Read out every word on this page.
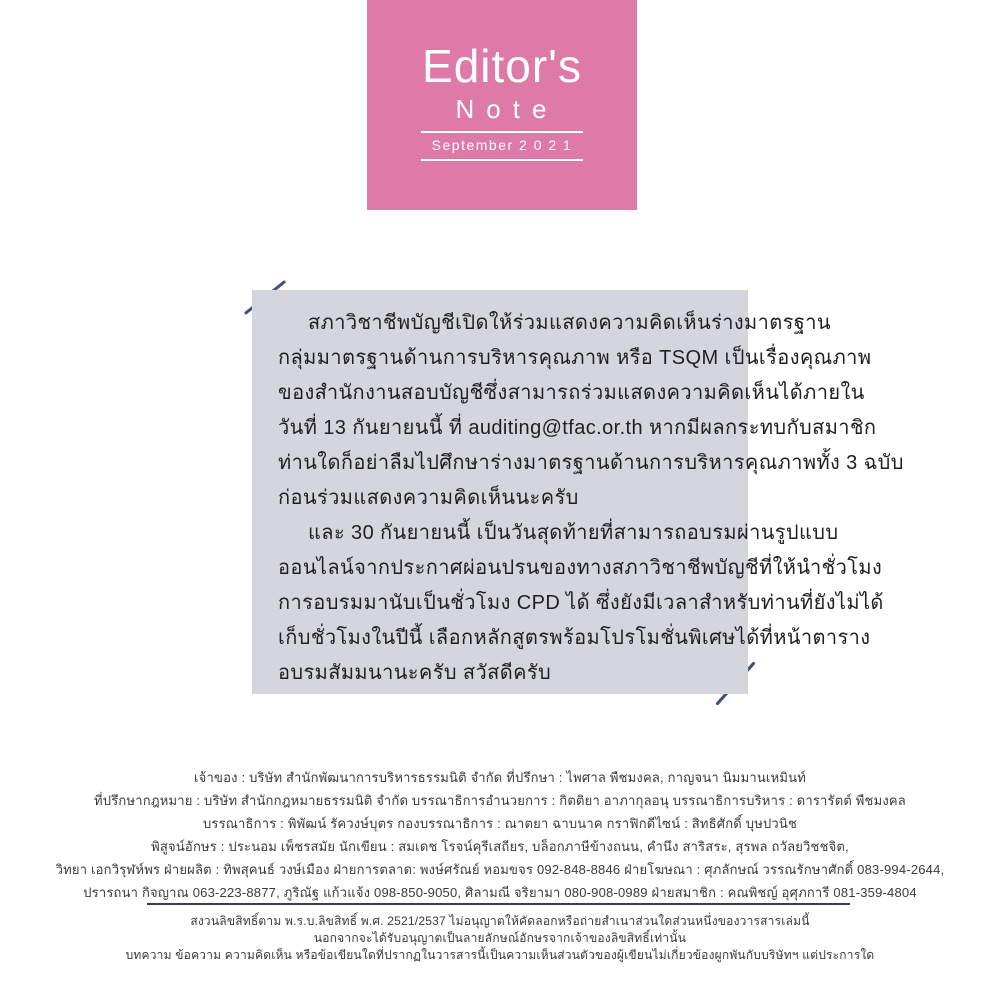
Editor's
Note
September 2 0 2 1
สภาวิชาชีพบัญชีเปิดให้ร่วมแสดงความคิดเห็นร่างมาตรฐาน
กลุ่มมาตรฐานด้านการบริหารคุณภาพ หรือ TSQM เป็นเรื่องคุณภาพ
ของสำนักงานสอบบัญชีซึ่งสามารถร่วมแสดงความคิดเห็นได้ภายใน
วันที่ 13 กันยายนนี้ ที่ auditing@tfac.or.th หากมีผลกระทบกับสมาชิก
ท่านใดก็อย่าลืมไปศึกษาร่างมาตรฐานด้านการบริหารคุณภาพทั้ง 3 ฉบับ
ก่อนร่วมแสดงความคิดเห็นนะครับ
และ 30 กันยายนนี้ เป็นวันสุดท้ายที่สามารถอบรมผ่านรูปแบบ
ออนไลน์จากประกาศผ่อนปรนของทางสภาวิชาชีพบัญชีที่ให้นำชั่วโมง
การอบรมมานับเป็นชั่วโมง CPD ได้ ซึ่งยังมีเวลาสำหรับท่านที่ยังไม่ได้
เก็บชั่วโมงในปีนี้ เลือกหลักสูตรพร้อมโปรโมชั่นพิเศษได้ที่หน้าตาราง
อบรมสัมมนานะครับ สวัสดีครับ
เจ้าของ : บริษัท สำนักพัฒนาการบริหารธรรมนิติ จำกัด ที่ปรึกษา : ไพศาล พืชมงคล, กาญจนา นิมมานเหมินท์
ที่ปรึกษากฎหมาย : บริษัท สำนักกฎหมายธรรมนิติ จำกัด บรรณาธิการอำนวยการ : กิตติยา อาภากุลอนุ บรรณาธิการบริหาร : ดารารัตต์ พืชมงคล
บรรณาธิการ : พิพัฒน์ รัควงษ์บุตร กองบรรณาธิการ : ณาตยา ฉาบนาค กราฟิกดีไซน์ : สิทธิศักดิ์ บุษปวนิช
พิสูจน์อักษร : ประนอม เพ็ชรสมัย นักเขียน : สมเดช โรจน์คุรีเสถียร, บล็อกภาษีข้างถนน, คำนึง สาริสระ, สุรพล ถวัลยวิชชจิต,
วิทยา เอกวิรุฬห์พร ฝ่ายผลิต : ทิพสุคนธ์ วงษ์เมือง ฝ่ายการตลาด: พงษ์ศรัณย์ หอมขจร 092-848-8846 ฝ่ายโฆษณา : ศุภลักษณ์ วรรณรักษาศักดิ์ 083-994-2644,
ปรารถนา กิจญาณ 063-223-8877, ภูริณัฐ แก้วแจ้ง 098-850-9050, ศิลามณี จริยามา 080-908-0989 ฝ่ายสมาชิก : คณพิชญ์ อุศุภการี 081-359-4804
สงวนลิขสิทธิ์ตาม พ.ร.บ.ลิขสิทธิ์ พ.ศ. 2521/2537 ไม่อนุญาตให้คัดลอกหรือถ่ายสำเนาส่วนใดส่วนหนึ่งของวารสารเล่มนี้
นอกจากจะได้รับอนุญาตเป็นลายลักษณ์อักษรจากเจ้าของลิขสิทธิ์เท่านั้น
บทความ ข้อความ ความคิดเห็น หรือข้อเขียนใดที่ปรากฏในวารสารนี้เป็นความเห็นส่วนตัวของผู้เขียนไม่เกี่ยวข้องผูกพันกับบริษัทฯ แต่ประการใด
